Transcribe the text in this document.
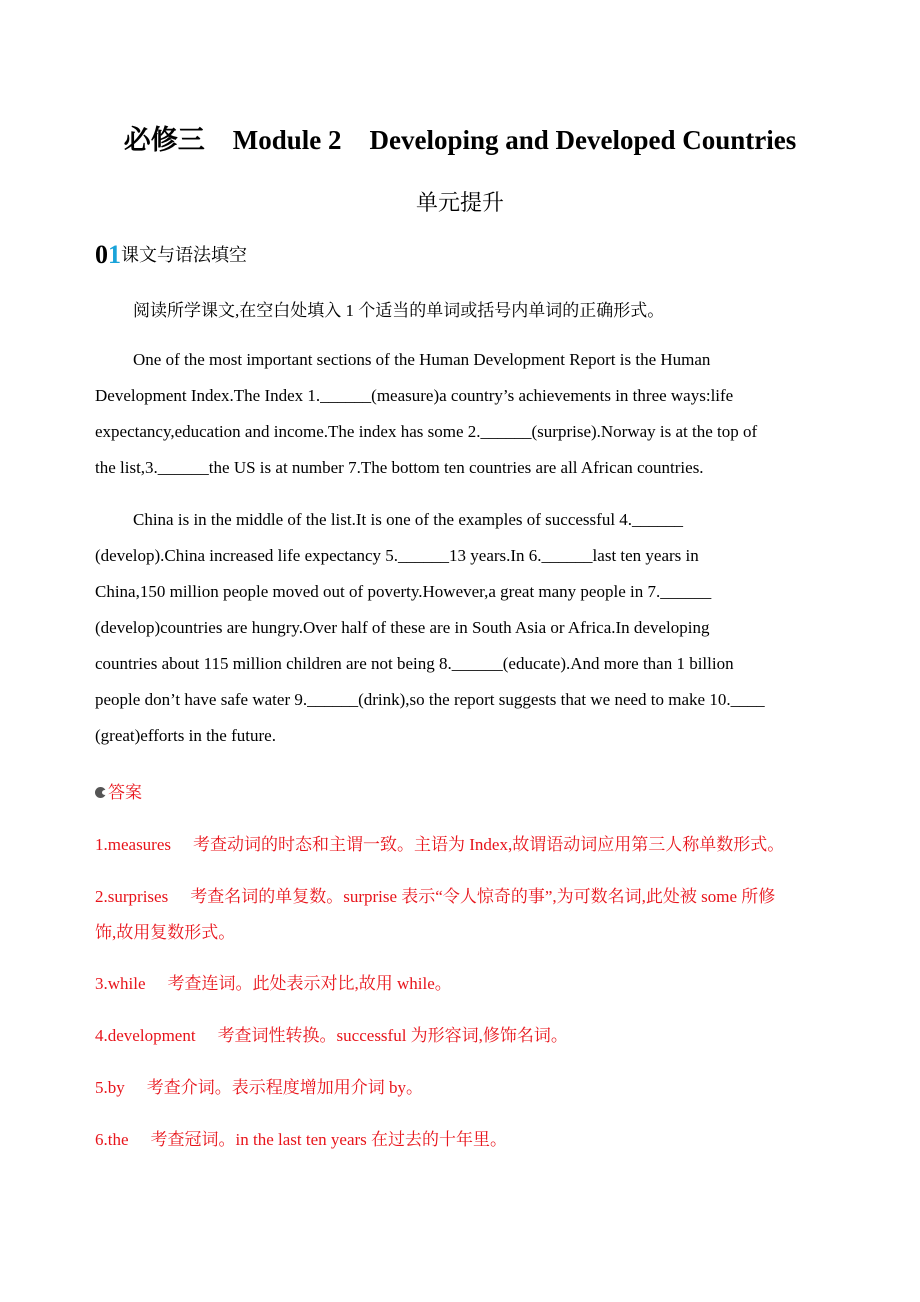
必修三 Module 2 Developing and Developed Countries
单元提升
01课文与语法填空
阅读所学课文,在空白处填入 1 个适当的单词或括号内单词的正确形式。
One of the most important sections of the Human Development Report is the Human
Development Index.The Index 1.______(measure)a country’s achievements in three ways:life
expectancy,education and income.The index has some 2.______(surprise).Norway is at the top of
the list,3.______the US is at number 7.The bottom ten countries are all African countries.
China is in the middle of the list.It is one of the examples of successful 4.______
(develop).China increased life expectancy 5.______13 years.In 6.______last ten years in
China,150 million people moved out of poverty.However,a great many people in 7.______
(develop)countries are hungry.Over half of these are in South Asia or Africa.In developing
countries about 115 million children are not being 8.______(educate).And more than 1 billion
people don’t have safe water 9.______(drink),so the report suggests that we need to make 10.____
(great)efforts in the future.
答案
1.measures 考查动词的时态和主谓一致。主语为 Index,故谓语动词应用第三人称单数形式。
2.surprises 考查名词的单复数。surprise 表示“令人惊奇的事”,为可数名词,此处被 some 所修
饰,故用复数形式。
3.while 考查连词。此处表示对比,故用 while。
4.development 考查词性转换。successful 为形容词,修饰名词。
5.by 考查介词。表示程度增加用介词 by。
6.the 考查冠词。in the last ten years 在过去的十年里。
